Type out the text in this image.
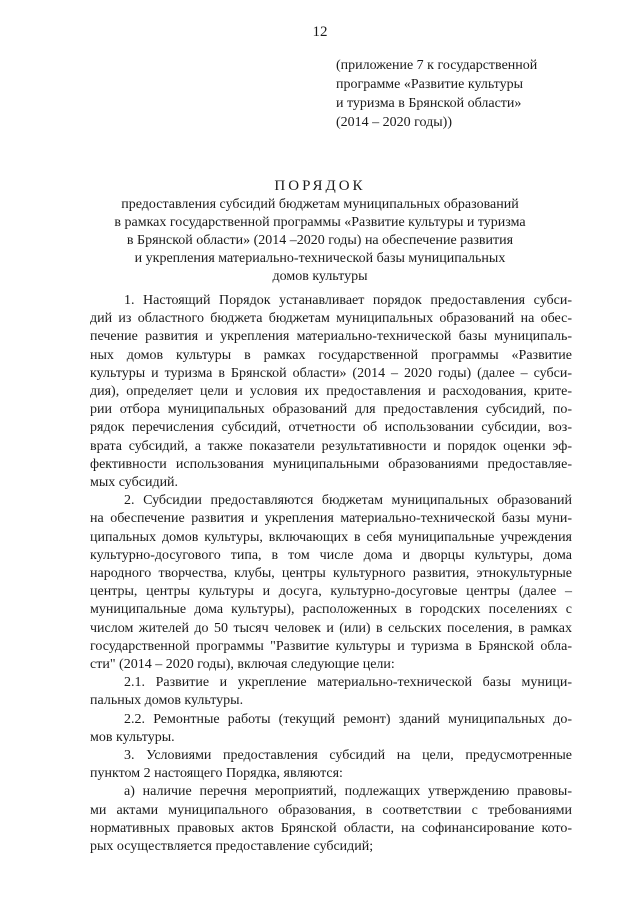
12
(приложение 7 к государственной
программе «Развитие культуры
и туризма в Брянской области»
(2014 – 2020 годы))
ПОРЯДОК
предоставления субсидий бюджетам муниципальных образований
в рамках государственной программы «Развитие культуры и туризма
в Брянской области» (2014 –2020 годы) на обеспечение развития
и укрепления материально-технической базы муниципальных
домов культуры
1. Настоящий Порядок устанавливает порядок предоставления субси-
дий из областного бюджета бюджетам муниципальных образований на обес-
печение развития и укрепления материально-технической базы муниципаль-
ных домов культуры в рамках государственной программы «Развитие
культуры и туризма в Брянской области» (2014 – 2020 годы) (далее – субси-
дия), определяет цели и условия их предоставления и расходования, крите-
рии отбора муниципальных образований для предоставления субсидий, по-
рядок перечисления субсидий, отчетности об использовании субсидии, воз-
врата субсидий, а также показатели результативности и порядок оценки эф-
фективности использования муниципальными образованиями предоставляе-
мых субсидий.
2. Субсидии предоставляются бюджетам муниципальных образований
на обеспечение развития и укрепления материально-технической базы муни-
ципальных домов культуры, включающих в себя муниципальные учреждения
культурно-досугового типа, в том числе дома и дворцы культуры, дома
народного творчества, клубы, центры культурного развития, этнокультурные
центры, центры культуры и досуга, культурно-досуговые центры (далее –
муниципальные дома культуры), расположенных в городских поселениях с
числом жителей до 50 тысяч человек и (или) в сельских поселения, в рамках
государственной программы "Развитие культуры и туризма в Брянской обла-
сти" (2014 – 2020 годы), включая следующие цели:
2.1. Развитие и укрепление материально-технической базы муници-
пальных домов культуры.
2.2. Ремонтные работы (текущий ремонт) зданий муниципальных до-
мов культуры.
3. Условиями предоставления субсидий на цели, предусмотренные
пунктом 2 настоящего Порядка, являются:
а) наличие перечня мероприятий, подлежащих утверждению правовы-
ми актами муниципального образования, в соответствии с требованиями
нормативных правовых актов Брянской области, на софинансирование кото-
рых осуществляется предоставление субсидий;
